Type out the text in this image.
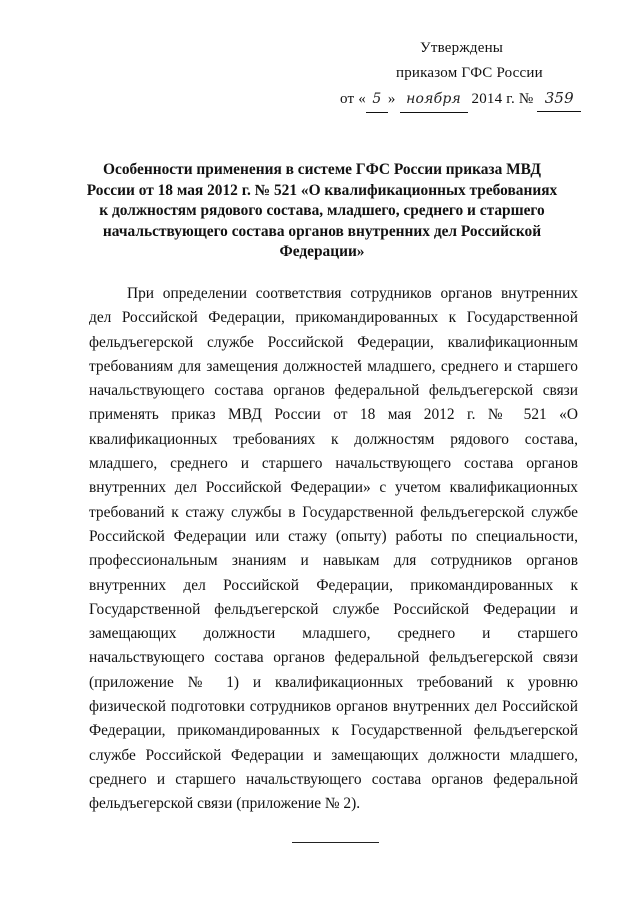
Утверждены
приказом ГФС России
от « 5 » ноября 2014 г. № 359
Особенности применения в системе ГФС России приказа МВД России от 18 мая 2012 г. № 521 «О квалификационных требованиях к должностям рядового состава, младшего, среднего и старшего начальствующего состава органов внутренних дел Российской Федерации»
При определении соответствия сотрудников органов внутренних дел Российской Федерации, прикомандированных к Государственной фельдъегерской службе Российской Федерации, квалификационным требованиям для замещения должностей младшего, среднего и старшего начальствующего состава органов федеральной фельдъегерской связи применять приказ МВД России от 18 мая 2012 г. № 521 «О квалификационных требованиях к должностям рядового состава, младшего, среднего и старшего начальствующего состава органов внутренних дел Российской Федерации» с учетом квалификационных требований к стажу службы в Государственной фельдъегерской службе Российской Федерации или стажу (опыту) работы по специальности, профессиональным знаниям и навыкам для сотрудников органов внутренних дел Российской Федерации, прикомандированных к Государственной фельдъегерской службе Российской Федерации и замещающих должности младшего, среднего и старшего начальствующего состава органов федеральной фельдъегерской связи (приложение № 1) и квалификационных требований к уровню физической подготовки сотрудников органов внутренних дел Российской Федерации, прикомандированных к Государственной фельдъегерской службе Российской Федерации и замещающих должности младшего, среднего и старшего начальствующего состава органов федеральной фельдъегерской связи (приложение № 2).
